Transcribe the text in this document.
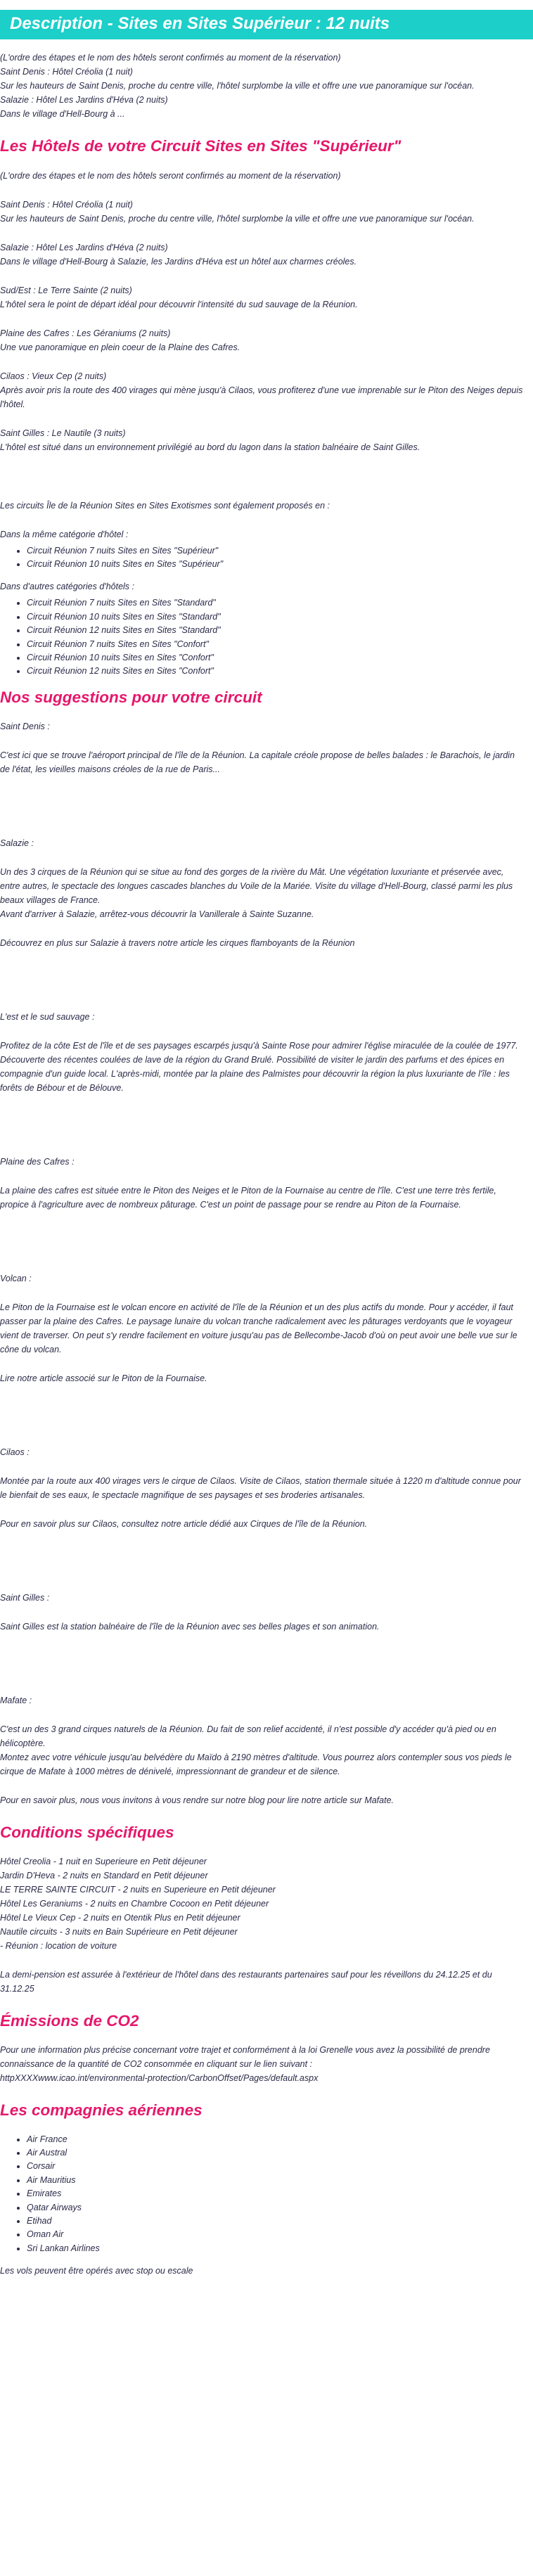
Description - Sites en Sites Supérieur : 12 nuits
(L'ordre des étapes et le nom des hôtels seront confirmés au moment de la réservation)
Saint Denis : Hôtel Créolia (1 nuit)
Sur les hauteurs de Saint Denis, proche du centre ville, l'hôtel surplombe la ville et offre une vue panoramique sur l'océan.
Salazie : Hôtel Les Jardins d'Héva (2 nuits)
Dans le village d'Hell-Bourg à ...
Les Hôtels de votre Circuit Sites en Sites "Supérieur"

(L'ordre des étapes et le nom des hôtels seront confirmés au moment de la réservation)

Saint Denis : Hôtel Créolia (1 nuit)
Sur les hauteurs de Saint Denis, proche du centre ville, l'hôtel surplombe la ville et offre une vue panoramique sur l'océan.
Salazie : Hôtel Les Jardins d'Héva (2 nuits)
Dans le village d'Hell-Bourg à Salazie, les Jardins d'Héva est un hôtel aux charmes créoles.
Sud/Est : Le Terre Sainte (2 nuits)
L'hôtel sera le point de départ idéal pour découvrir l'intensité du sud sauvage de la Réunion.
Plaine des Cafres : Les Géraniums (2 nuits)
Une vue panoramique en plein coeur de la Plaine des Cafres.
Cilaos : Vieux Cep (2 nuits)
Après avoir pris la route des 400 virages qui mène jusqu'à Cilaos, vous profiterez d'une vue imprenable sur le Piton des Neiges depuis l'hôtel.
Saint Gilles : Le Nautile (3 nuits)
L'hôtel est situé dans un environnement privilégié au bord du lagon dans la station balnéaire de Saint Gilles.

Les circuits Île de la Réunion Sites en Sites Exotismes sont également proposés en :

Dans la même catégorie d'hôtel :

• Circuit Réunion 7 nuits Sites en Sites "Supérieur"
• Circuit Réunion 10 nuits Sites en Sites "Supérieur"

Dans d'autres catégories d'hôtels :

• Circuit Réunion 7 nuits Sites en Sites "Standard"
• Circuit Réunion 10 nuits Sites en Sites "Standard"
• Circuit Réunion 12 nuits Sites en Sites "Standard"
• Circuit Réunion 7 nuits Sites en Sites "Confort"
• Circuit Réunion 10 nuits Sites en Sites "Confort"
• Circuit Réunion 12 nuits Sites en Sites "Confort"
Nos suggestions pour votre circuit

Saint Denis :

C'est ici que se trouve l'aéroport principal de l'île de la Réunion. La capitale créole propose de belles balades : le Barachois, le jardin de l'état, les vieilles maisons créoles de la rue de Paris...

Salazie :

Un des 3 cirques de la Réunion qui se situe au fond des gorges de la rivière du Mât. Une végétation luxuriante et préservée avec, entre autres, le spectacle des longues cascades blanches du Voile de la Mariée. Visite du village d'Hell-Bourg, classé parmi les plus beaux villages de France.
Avant d'arriver à Salazie, arrêtez-vous découvrir la Vanillerale à Sainte Suzanne.

Découvrez en plus sur Salazie à travers notre article les cirques flamboyants de la Réunion

L'est et le sud sauvage :

Profitez de la côte Est de l'île et de ses paysages escarpés jusqu'à Sainte Rose pour admirer l'église miraculée de la coulée de 1977. Découverte des récentes coulées de lave de la région du Grand Brulé. Possibilité de visiter le jardin des parfums et des épices en compagnie d'un guide local. L'après-midi, montée par la plaine des Palmistes pour découvrir la région la plus luxuriante de l'île : les forêts de Bébour et de Bélouve.

Plaine des Cafres :

La plaine des cafres est située entre le Piton des Neiges et le Piton de la Fournaise au centre de l'île. C'est une terre très fertile, propice à l'agriculture avec de nombreux pâturage. C'est un point de passage pour se rendre au Piton de la Fournaise.

Volcan :

Le Piton de la Fournaise est le volcan encore en activité de l'île de la Réunion et un des plus actifs du monde. Pour y accéder, il faut passer par la plaine des Cafres. Le paysage lunaire du volcan tranche radicalement avec les pâturages verdoyants que le voyageur vient de traverser. On peut s'y rendre facilement en voiture jusqu'au pas de Bellecombe-Jacob d'où on peut avoir une belle vue sur le cône du volcan.

Lire notre article associé sur le Piton de la Fournaise.

Cilaos :

Montée par la route aux 400 virages vers le cirque de Cilaos. Visite de Cilaos, station thermale située à 1220 m d'altitude connue pour le bienfait de ses eaux, le spectacle magnifique de ses paysages et ses broderies artisanales.

Pour en savoir plus sur Cilaos, consultez notre article dédié aux Cirques de l'île de la Réunion.

Saint Gilles :

Saint Gilles est la station balnéaire de l'île de la Réunion avec ses belles plages et son animation.

Mafate :

C'est un des 3 grand cirques naturels de la Réunion. Du fait de son relief accidenté, il n'est possible d'y accéder qu'à pied ou en hélicoptère.
Montez avec votre véhicule jusqu'au belvédère du Maïdo à 2190 mètres d'altitude. Vous pourrez alors contempler sous vos pieds le cirque de Mafate à 1000 mètres de dénivelé, impressionnant de grandeur et de silence.

Pour en savoir plus, nous vous invitons à vous rendre sur notre blog pour lire notre article sur Mafate.

Conditions spécifiques
Hôtel Creolia - 1 nuit en Superieure en Petit déjeuner
Jardin D'Heva - 2 nuits en Standard en Petit déjeuner
LE TERRE SAINTE CIRCUIT - 2 nuits en Superieure en Petit déjeuner
Hôtel Les Geraniums - 2 nuits en Chambre Cocoon en Petit déjeuner
Hôtel Le Vieux Cep - 2 nuits en Otentik Plus en Petit déjeuner
Nautile circuits - 3 nuits en Bain Supérieure en Petit déjeuner
- Réunion : location de voiture

La demi-pension est assurée à l'extérieur de l'hôtel dans des restaurants partenaires sauf pour les réveillons du 24.12.25 et du 31.12.25

Émissions de CO2
Pour une information plus précise concernant votre trajet et conformément à la loi Grenelle vous avez la possibilité de prendre connaissance de la quantité de CO2 consommée en cliquant sur le lien suivant :
httpXXXXwww.icao.int/environmental-protection/CarbonOffset/Pages/default.aspx
Les compagnies aériennes
• Air France
• Air Austral
• Corsair
• Air Mauritius
• Emirates
• Qatar Airways
• Etihad
• Oman Air
• Sri Lankan Airlines

Les vols peuvent être opérés avec stop ou escale
